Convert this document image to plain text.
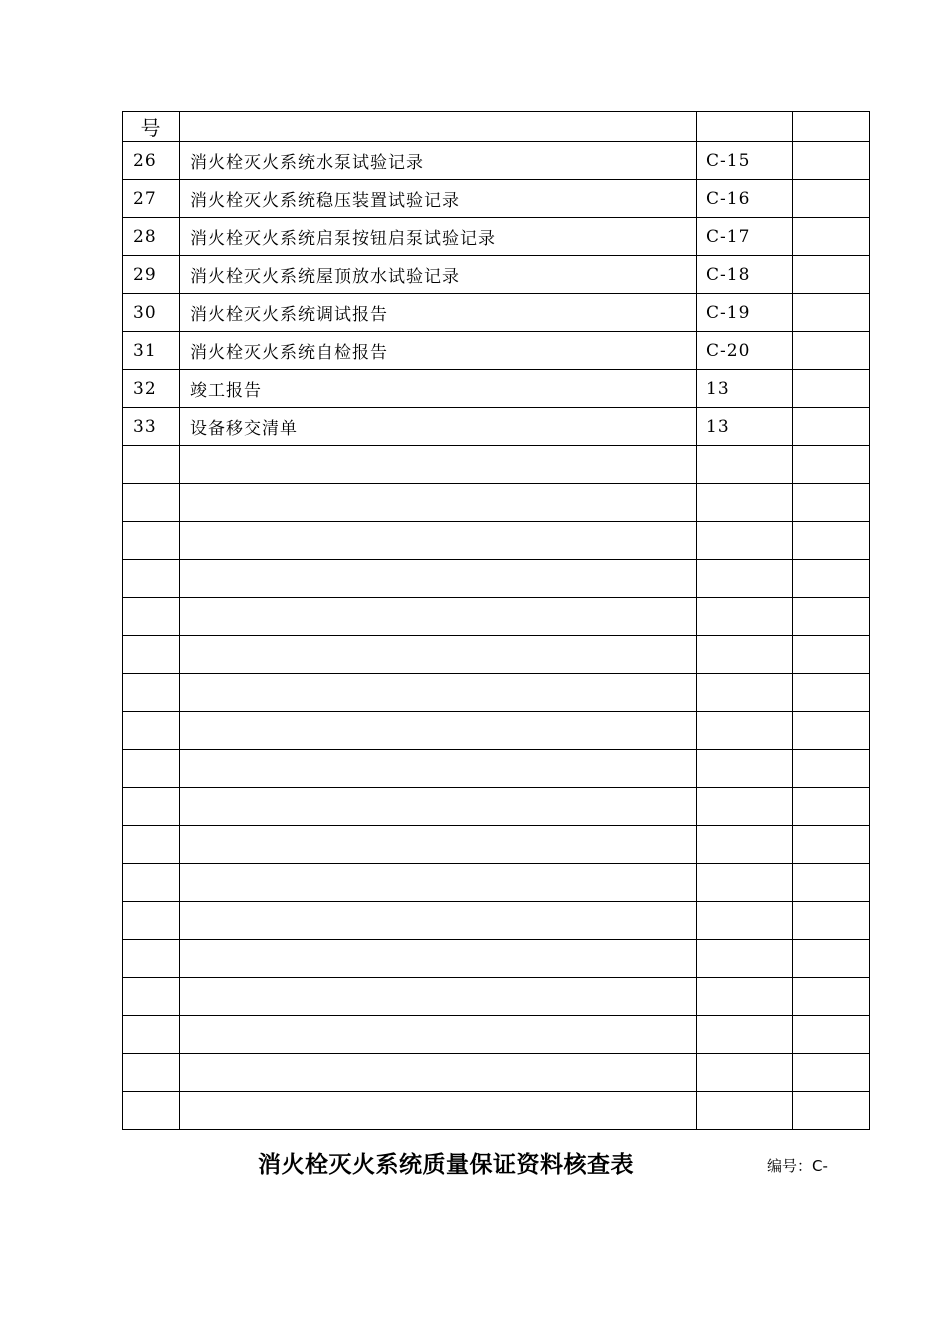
号			
26	消火栓灭火系统水泵试验记录	C-15	
27	消火栓灭火系统稳压装置试验记录	C-16	
28	消火栓灭火系统启泵按钮启泵试验记录	C-17	
29	消火栓灭火系统屋顶放水试验记录	C-18	
30	消火栓灭火系统调试报告	C-19	
31	消火栓灭火系统自检报告	C-20	
32	竣工报告	13	
33	设备移交清单	13	

消火栓灭火系统质量保证资料核查表	编号：C-
